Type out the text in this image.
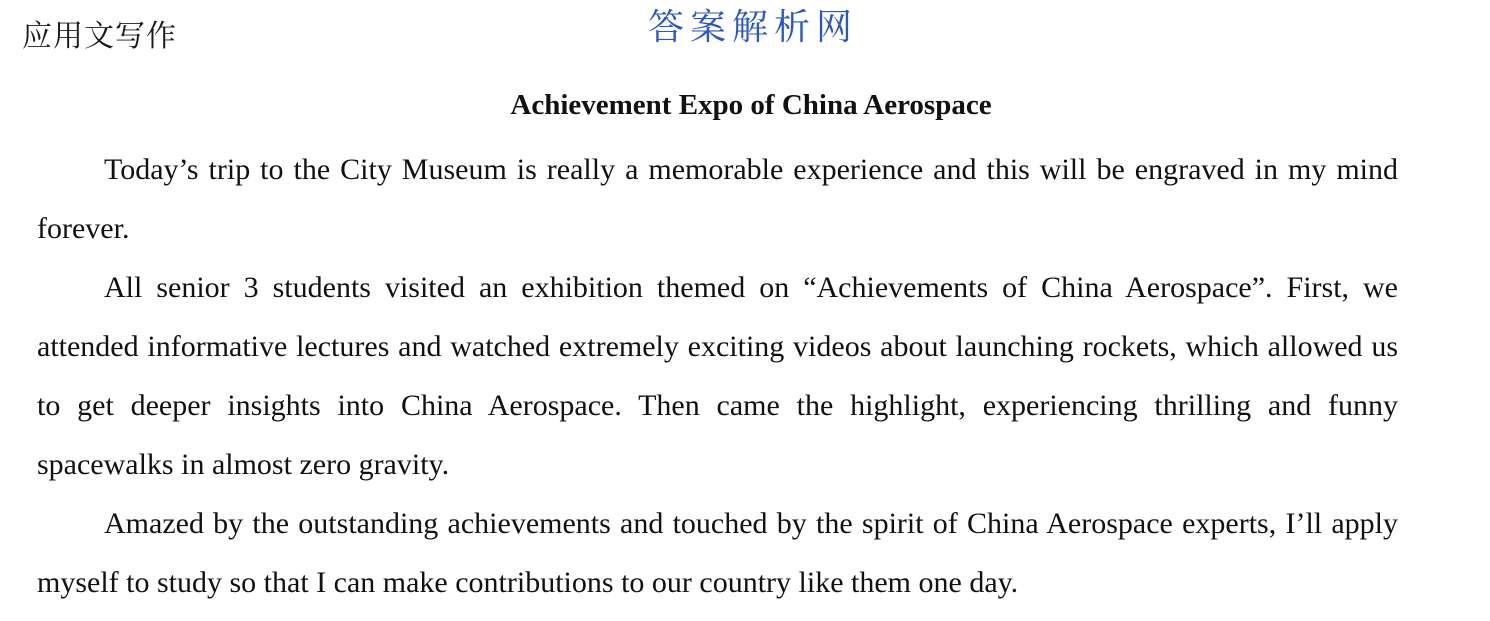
应用文写作	答案解析网
Achievement Expo of China Aerospace

Today’s trip to the City Museum is really a memorable experience and this will be engraved in my mind forever.

All senior 3 students visited an exhibition themed on “Achievements of China Aerospace”. First, we attended informative lectures and watched extremely exciting videos about launching rockets, which allowed us to get deeper insights into China Aerospace. Then came the highlight, experiencing thrilling and funny spacewalks in almost zero gravity.

Amazed by the outstanding achievements and touched by the spirit of China Aerospace experts, I’ll apply myself to study so that I can make contributions to our country like them one day.
